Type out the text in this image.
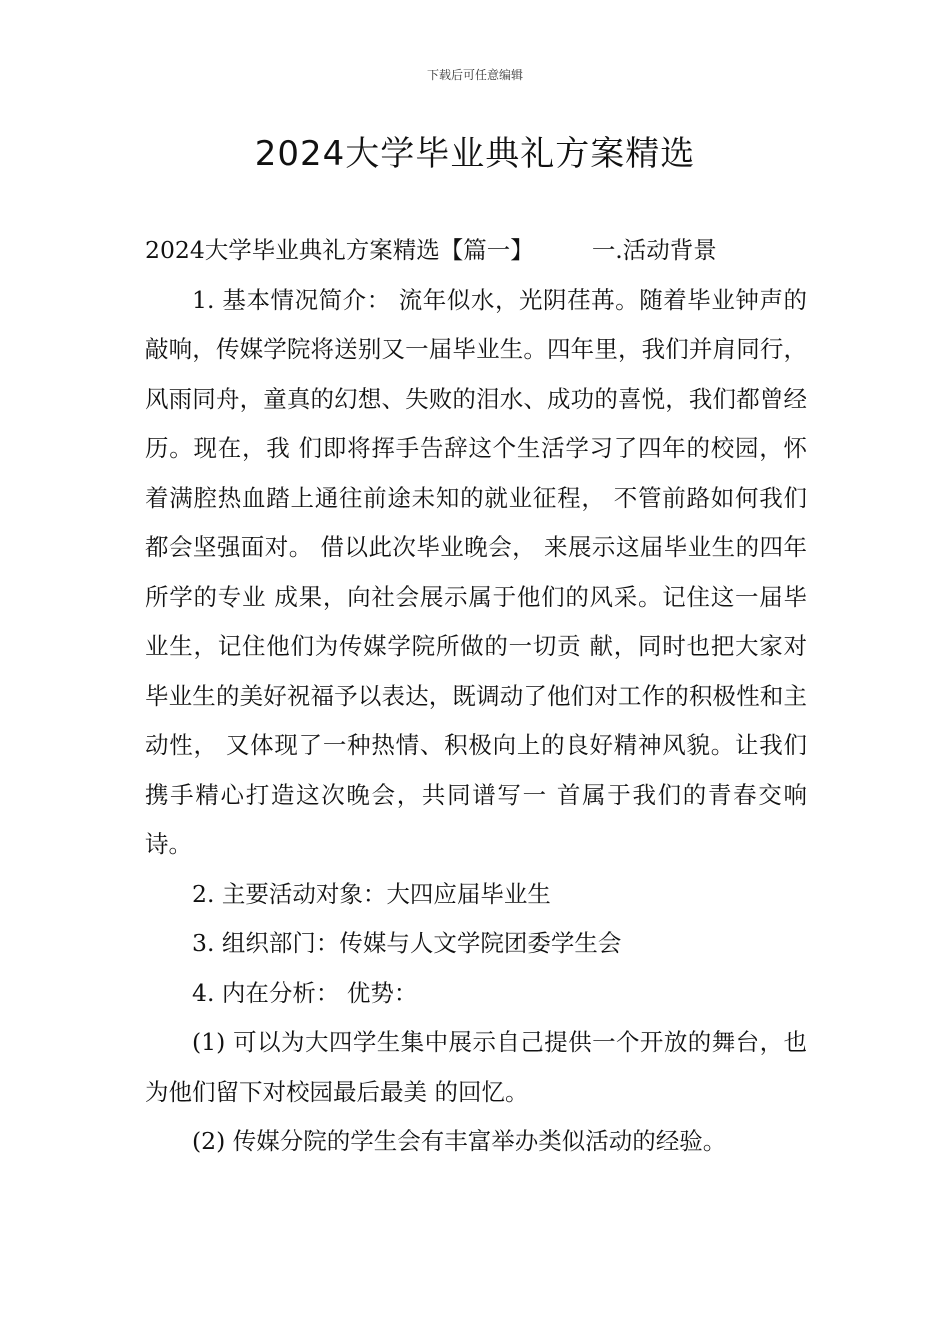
下载后可任意编辑
2024大学毕业典礼方案精选

2024大学毕业典礼方案精选【篇一】 一.活动背景

1. 基本情况简介： 流年似水，光阴荏苒。随着毕业钟声的敲响，传媒学院将送别又一届毕业生。四年里，我们并肩同行，风雨同舟，童真的幻想、失败的泪水、成功的喜悦，我们都曾经历。现在，我 们即将挥手告辞这个生活学习了四年的校园，怀着满腔热血踏上通往前途未知的就业征程， 不管前路如何我们都会坚强面对。 借以此次毕业晚会， 来展示这届毕业生的四年所学的专业 成果，向社会展示属于他们的风采。记住这一届毕业生，记住他们为传媒学院所做的一切贡 献，同时也把大家对毕业生的美好祝福予以表达，既调动了他们对工作的积极性和主动性， 又体现了一种热情、积极向上的良好精神风貌。让我们携手精心打造这次晚会，共同谱写一 首属于我们的青春交响诗。

2. 主要活动对象：大四应届毕业生

3. 组织部门：传媒与人文学院团委学生会

4. 内在分析： 优势：

(1) 可以为大四学生集中展示自己提供一个开放的舞台，也为他们留下对校园最后最美 的回忆。

(2) 传媒分院的学生会有丰富举办类似活动的经验。
